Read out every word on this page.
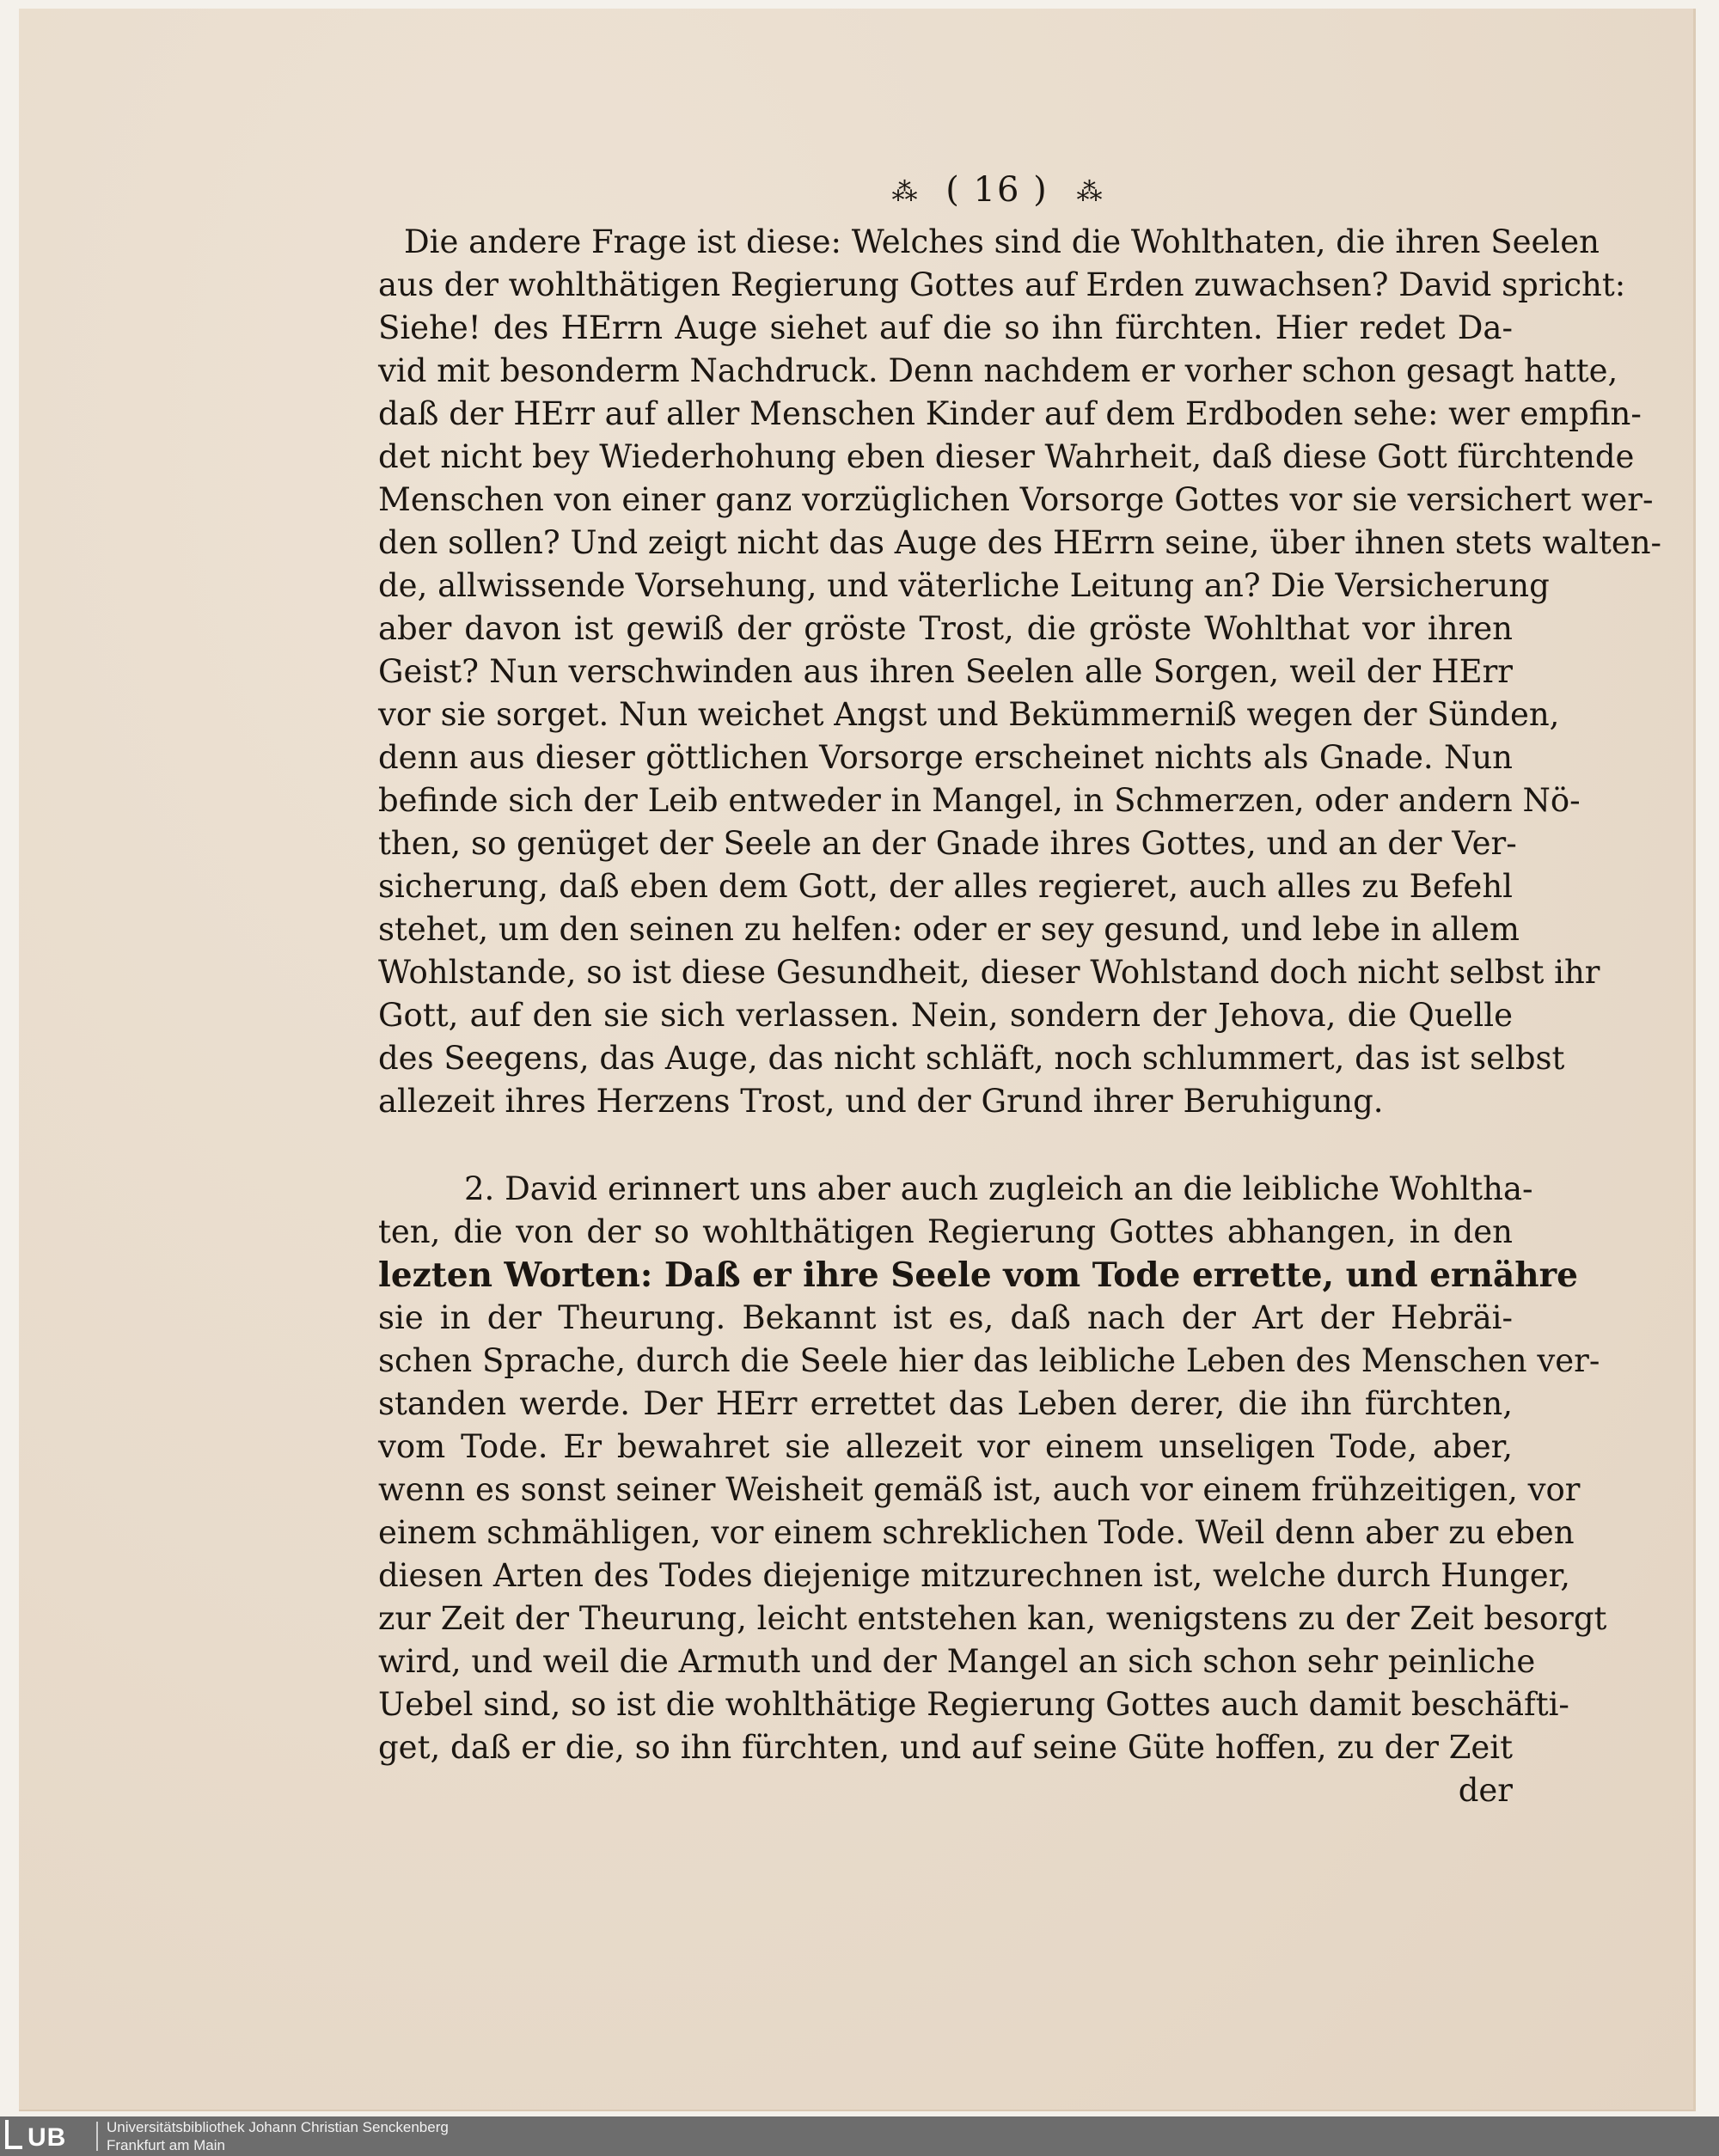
⁂ ( 16 ) ⁂
Die andere Frage ist diese: Welches sind die Wohlthaten, die ihren Seelen
aus der wohlthätigen Regierung Gottes auf Erden zuwachsen? David spricht:
Siehe! des HErrn Auge siehet auf die so ihn fürchten. Hier redet Da-
vid mit besonderm Nachdruck. Denn nachdem er vorher schon gesagt hatte,
daß der HErr auf aller Menschen Kinder auf dem Erdboden sehe: wer empfin-
det nicht bey Wiederhohung eben dieser Wahrheit, daß diese Gott fürchtende
Menschen von einer ganz vorzüglichen Vorsorge Gottes vor sie versichert wer-
den sollen? Und zeigt nicht das Auge des HErrn seine, über ihnen stets walten-
de, allwissende Vorsehung, und väterliche Leitung an? Die Versicherung
aber davon ist gewiß der gröste Trost, die gröste Wohlthat vor ihren
Geist? Nun verschwinden aus ihren Seelen alle Sorgen, weil der HErr
vor sie sorget. Nun weichet Angst und Bekümmerniß wegen der Sünden,
denn aus dieser göttlichen Vorsorge erscheinet nichts als Gnade. Nun
befinde sich der Leib entweder in Mangel, in Schmerzen, oder andern Nö-
then, so genüget der Seele an der Gnade ihres Gottes, und an der Ver-
sicherung, daß eben dem Gott, der alles regieret, auch alles zu Befehl
stehet, um den seinen zu helfen: oder er sey gesund, und lebe in allem
Wohlstande, so ist diese Gesundheit, dieser Wohlstand doch nicht selbst ihr
Gott, auf den sie sich verlassen. Nein, sondern der Jehova, die Quelle
des Seegens, das Auge, das nicht schläft, noch schlummert, das ist selbst
allezeit ihres Herzens Trost, und der Grund ihrer Beruhigung.
2. David erinnert uns aber auch zugleich an die leibliche Wohltha-
ten, die von der so wohlthätigen Regierung Gottes abhangen, in den
lezten Worten: Daß er ihre Seele vom Tode errette, und ernähre
sie in der Theurung. Bekannt ist es, daß nach der Art der Hebräi-
schen Sprache, durch die Seele hier das leibliche Leben des Menschen ver-
standen werde. Der HErr errettet das Leben derer, die ihn fürchten,
vom Tode. Er bewahret sie allezeit vor einem unseligen Tode, aber,
wenn es sonst seiner Weisheit gemäß ist, auch vor einem frühzeitigen, vor
einem schmähligen, vor einem schreklichen Tode. Weil denn aber zu eben
diesen Arten des Todes diejenige mitzurechnen ist, welche durch Hunger,
zur Zeit der Theurung, leicht entstehen kan, wenigstens zu der Zeit besorgt
wird, und weil die Armuth und der Mangel an sich schon sehr peinliche
Uebel sind, so ist die wohlthätige Regierung Gottes auch damit beschäfti-
get, daß er die, so ihn fürchten, und auf seine Güte hoffen, zu der Zeit
der
UB	Universitätsbibliothek Johann Christian Senckenberg
Frankfurt am Main
